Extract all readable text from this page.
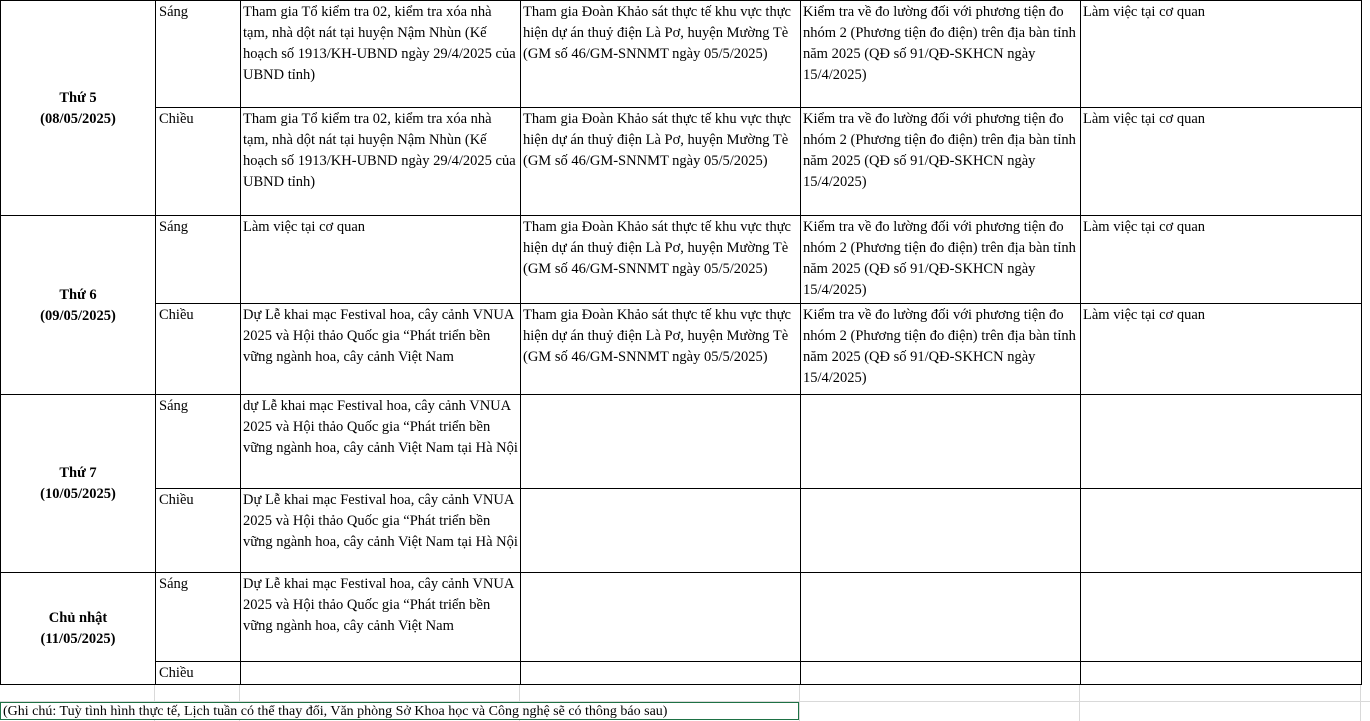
Thứ 5
(08/05/2025)	Sáng	Tham gia Tổ kiểm tra 02, kiểm tra xóa nhà tạm, nhà dột nát tại huyện Nậm Nhùn (Kế hoạch số 1913/KH-UBND ngày 29/4/2025 của UBND tỉnh)	Tham gia Đoàn Khảo sát thực tế khu vực thực hiện dự án thuỷ điện Là Pơ, huyện Mường Tè (GM số 46/GM-SNNMT ngày 05/5/2025)	Kiểm tra về đo lường đối với phương tiện đo nhóm 2 (Phương tiện đo điện) trên địa bàn tỉnh năm 2025 (QĐ số 91/QĐ-SKHCN ngày 15/4/2025)	Làm việc tại cơ quan
	Chiều	Tham gia Tổ kiểm tra 02, kiểm tra xóa nhà tạm, nhà dột nát tại huyện Nậm Nhùn (Kế hoạch số 1913/KH-UBND ngày 29/4/2025 của UBND tỉnh)	Tham gia Đoàn Khảo sát thực tế khu vực thực hiện dự án thuỷ điện Là Pơ, huyện Mường Tè (GM số 46/GM-SNNMT ngày 05/5/2025)	Kiểm tra về đo lường đối với phương tiện đo nhóm 2 (Phương tiện đo điện) trên địa bàn tỉnh năm 2025 (QĐ số 91/QĐ-SKHCN ngày 15/4/2025)	Làm việc tại cơ quan

Thứ 6
(09/05/2025)	Sáng	Làm việc tại cơ quan	Tham gia Đoàn Khảo sát thực tế khu vực thực hiện dự án thuỷ điện Là Pơ, huyện Mường Tè (GM số 46/GM-SNNMT ngày 05/5/2025)	Kiểm tra về đo lường đối với phương tiện đo nhóm 2 (Phương tiện đo điện) trên địa bàn tỉnh năm 2025 (QĐ số 91/QĐ-SKHCN ngày 15/4/2025)	Làm việc tại cơ quan
	Chiều	Dự Lễ khai mạc Festival hoa, cây cảnh VNUA 2025 và Hội thảo Quốc gia “Phát triển bền vững ngành hoa, cây cảnh Việt Nam	Tham gia Đoàn Khảo sát thực tế khu vực thực hiện dự án thuỷ điện Là Pơ, huyện Mường Tè (GM số 46/GM-SNNMT ngày 05/5/2025)	Kiểm tra về đo lường đối với phương tiện đo nhóm 2 (Phương tiện đo điện) trên địa bàn tỉnh năm 2025 (QĐ số 91/QĐ-SKHCN ngày 15/4/2025)	Làm việc tại cơ quan

Thứ 7
(10/05/2025)	Sáng	dự Lễ khai mạc Festival hoa, cây cảnh VNUA 2025 và Hội thảo Quốc gia “Phát triển bền vững ngành hoa, cây cảnh Việt Nam tại Hà Nội			
	Chiều	Dự Lễ khai mạc Festival hoa, cây cảnh VNUA 2025 và Hội thảo Quốc gia “Phát triển bền vững ngành hoa, cây cảnh Việt Nam tại Hà Nội			

Chủ nhật
(11/05/2025)	Sáng	Dự Lễ khai mạc Festival hoa, cây cảnh VNUA 2025 và Hội thảo Quốc gia “Phát triển bền vững ngành hoa, cây cảnh Việt Nam			
	Chiều				
(Ghi chú: Tuỳ tình hình thực tế, Lịch tuần có thể thay đổi, Văn phòng Sở Khoa học và Công nghệ sẽ có thông báo sau)
